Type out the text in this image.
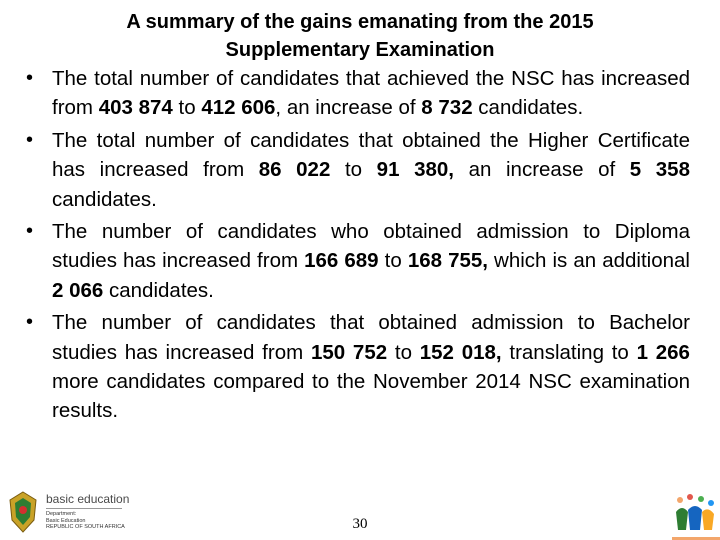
A summary of the gains emanating from the 2015
Supplementary Examination
• The total number of candidates that achieved the NSC has increased from 403 874 to 412 606, an increase of 8 732 candidates.
• The total number of candidates that obtained the Higher Certificate has increased from 86 022 to 91 380, an increase of 5 358 candidates.
• The number of candidates who obtained admission to Diploma studies has increased from 166 689 to 168 755, which is an additional 2 066 candidates.
• The number of candidates that obtained admission to Bachelor studies has increased from 150 752 to 152 018, translating to 1 266 more candidates compared to the November 2014 NSC examination results.
basic education
Department:
Basic Education
REPUBLIC OF SOUTH AFRICA	30
